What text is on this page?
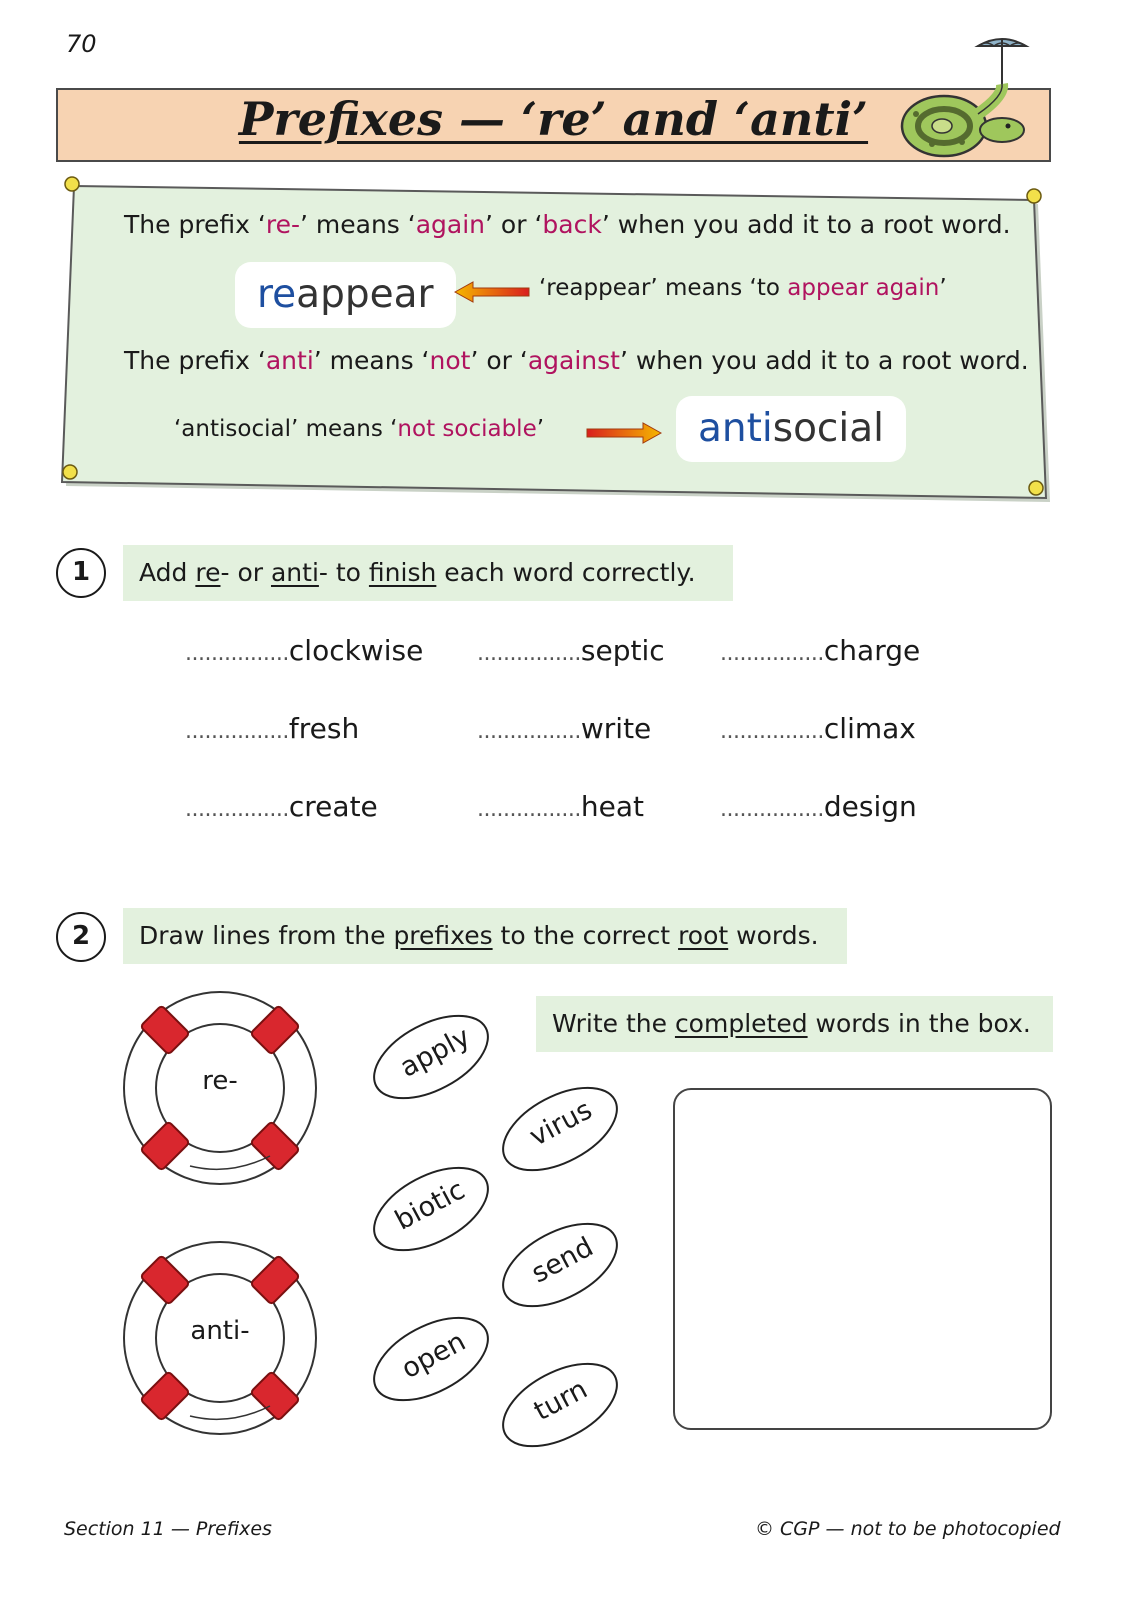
70
Prefixes — ‘re’ and ‘anti’
The prefix ‘re-’ means ‘again’ or ‘back’ when you add it to a root word.
reappear	‘reappear’ means ‘to appear again’
The prefix ‘anti’ means ‘not’ or ‘against’ when you add it to a root word.
‘antisocial’ means ‘not sociable’	antisocial
1	Add re- or anti- to finish each word correctly.
................clockwise ................septic	................charge
................fresh	................write	................climax
................create	................heat	................design
2	Draw lines from the prefixes to the correct root words.
re-
anti-
apply
virus
biotic
send
open
turn
Write the completed words in the box.
Section 11 — Prefixes	© CGP — not to be photocopied
